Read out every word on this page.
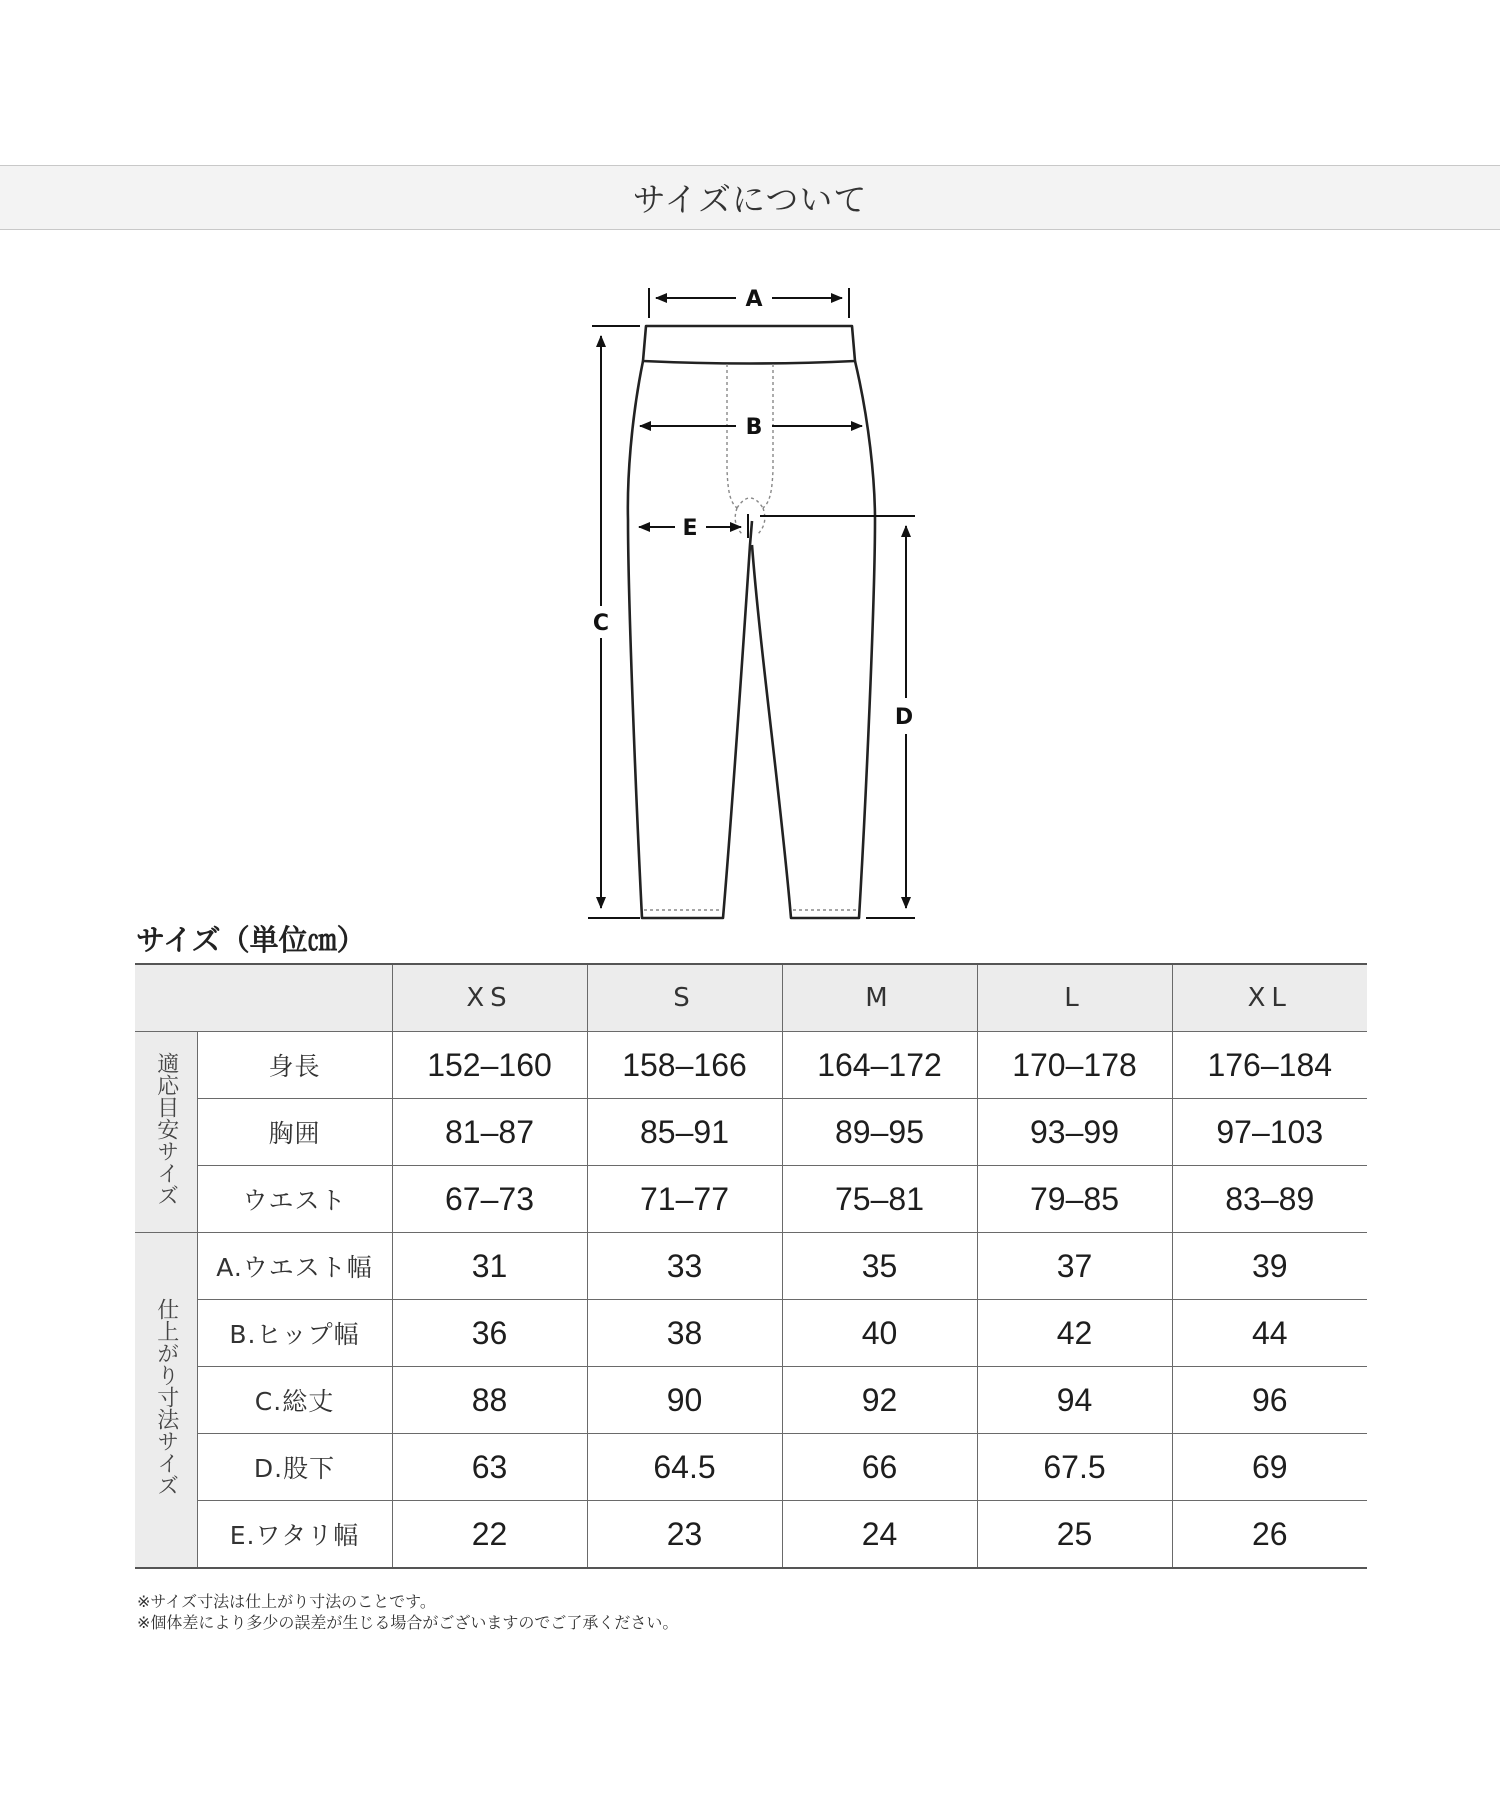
サイズについて
A
B
C
D
E
サイズ（単位㎝）
		XS	S	M	L	XL
適応目安サイズ	身長	152–160	158–166	164–172	170–178	176–184
	胸囲	81–87	85–91	89–95	93–99	97–103
	ウエスト	67–73	71–77	75–81	79–85	83–89
仕上がり寸法サイズ	A.ウエスト幅	31	33	35	37	39
	B.ヒップ幅	36	38	40	42	44
	C.総丈	88	90	92	94	96
	D.股下	63	64.5	66	67.5	69
	E.ワタリ幅	22	23	24	25	26
※サイズ寸法は仕上がり寸法のことです。
※個体差により多少の誤差が生じる場合がございますのでご了承ください。
